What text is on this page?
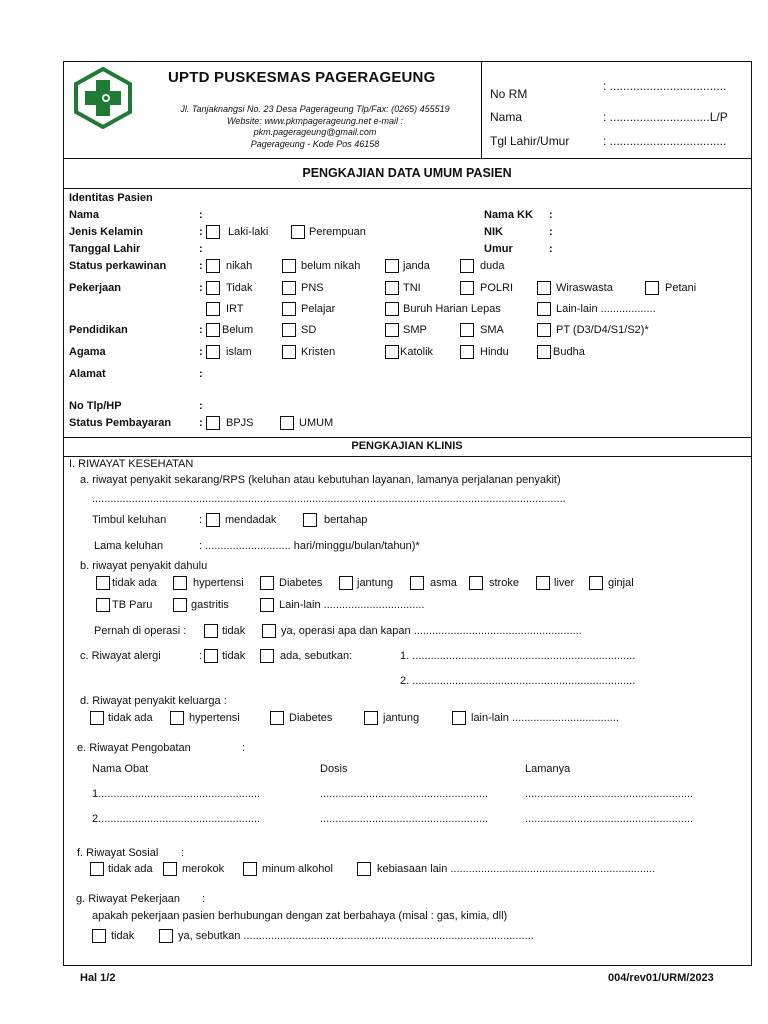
UPTD PUSKESMAS PAGERAGEUNG
Jl. Tanjaknangsi No. 23 Desa Pagerageung Tlp/Fax: (0265) 455519
Website: www.pkmpagerageung.net e-mail :
pkm.pagerageung@gmail.com
Pagerageung - Kode Pos 46158
No RM
: ...................................
Nama	: ..............................L/P
Tgl Lahir/Umur	: ...................................
PENGKAJIAN DATA UMUM PASIEN
Identitas Pasien
Nama	:	Nama KK :
Jenis Kelamin	: Laki-laki	Perempuan	NIK	:
Tanggal Lahir	:	Umur	:
Status perkawinan	: nikah	belum nikah	janda	duda
Pekerjaan	: Tidak	PNS	TNI	POLRI	Wiraswasta	Petani
IRT	Pelajar	Buruh Harian Lepas	Lain-lain ..................
Pendidikan	: Belum	SD	SMP	SMA	PT (D3/D4/S1/S2)*
Agama	: islam	Kristen	Katolik	Hindu	Budha
Alamat	:
No Tlp/HP	:
Status Pembayaran	: BPJS	UMUM
PENGKAJIAN KLINIS
I. RIWAYAT KESEHATAN
a. riwayat penyakit sekarang/RPS (keluhan atau kebutuhan layanan, lamanya perjalanan penyakit)
...........................................................................................................................................................
Timbul keluhan	: mendadak	bertahap
Lama keluhan	: ............................ hari/minggu/bulan/tahun)*
b. riwayat penyakit dahulu
tidak ada	hypertensi	Diabetes	jantung	asma	stroke	liver	ginjal
TB Paru	gastritis	Lain-lain .................................
Pernah di operasi :	tidak	ya, operasi apa dan kapan .......................................................
c. Riwayat alergi	: tidak	ada, sebutkan:	1. .........................................................................
2. .........................................................................
d. Riwayat penyakit keluarga :
tidak ada	hypertensi	Diabetes	jantung	lain-lain ...................................
e. Riwayat Pengobatan	:
Nama Obat	Dosis	Lamanya
1.....................................................	.......................................................	.......................................................
2.....................................................	.......................................................	.......................................................
f. Riwayat Sosial :
tidak ada	merokok	minum alkohol	kebiasaan lain ...................................................................
g. Riwayat Pekerjaan :
apakah pekerjaan pasien berhubungan dengan zat berbahaya (misal : gas, kimia, dll)
tidak	ya, sebutkan ...............................................................................................
Hal 1/2	004/rev01/URM/2023
